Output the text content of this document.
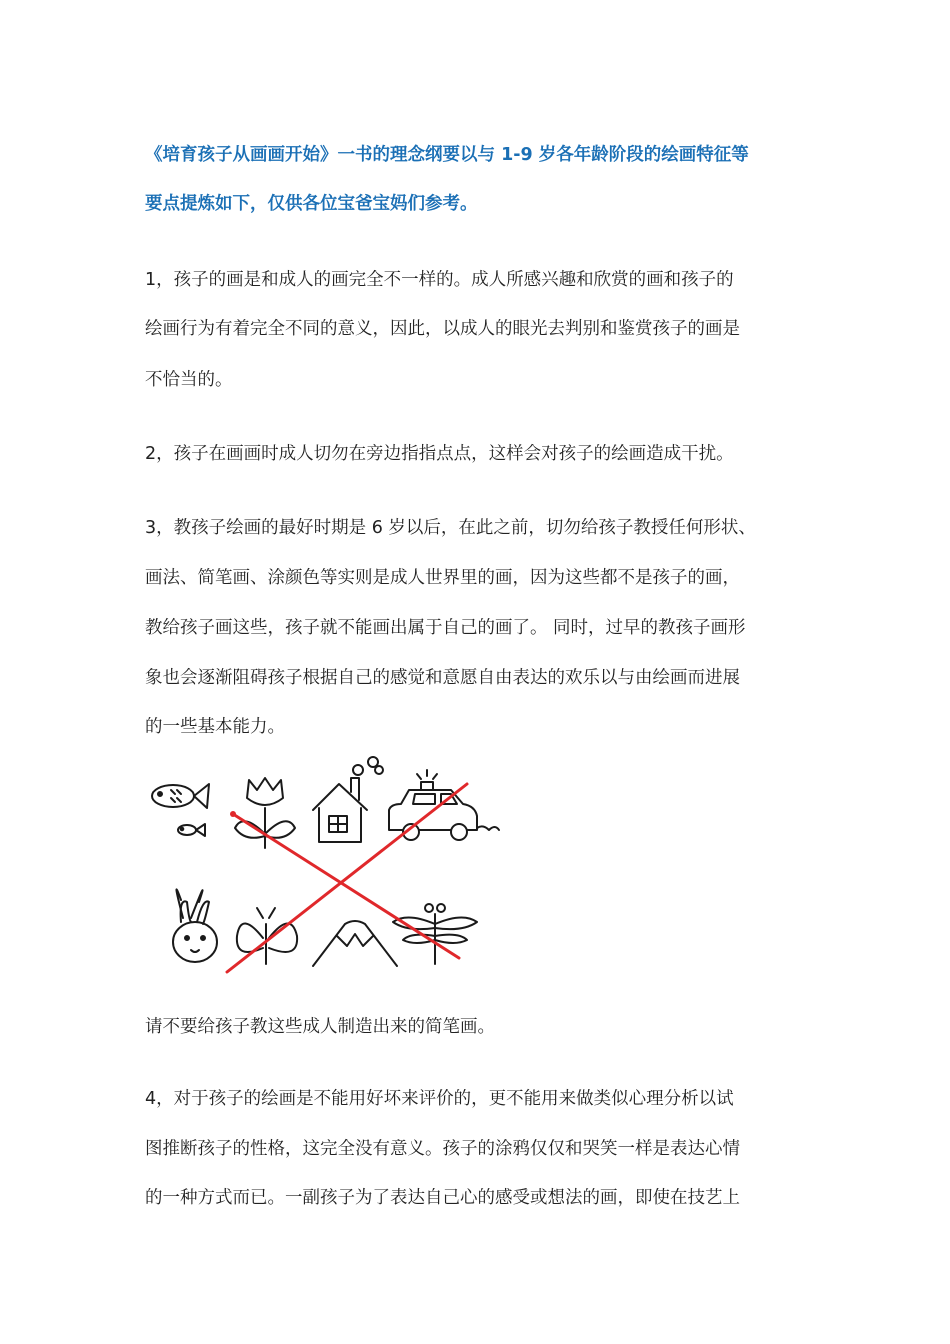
《培育孩子从画画开始》一书的理念纲要以与 1-9 岁各年龄阶段的绘画特征等
要点提炼如下，仅供各位宝爸宝妈们参考。
1，孩子的画是和成人的画完全不一样的。成人所感兴趣和欣赏的画和孩子的
绘画行为有着完全不同的意义，因此，以成人的眼光去判别和鉴赏孩子的画是
不恰当的。
2，孩子在画画时成人切勿在旁边指指点点，这样会对孩子的绘画造成干扰。
3，教孩子绘画的最好时期是 6 岁以后，在此之前，切勿给孩子教授任何形状、
画法、简笔画、涂颜色等实则是成人世界里的画，因为这些都不是孩子的画，
教给孩子画这些，孩子就不能画出属于自己的画了。 同时，过早的教孩子画形
象也会逐渐阻碍孩子根据自己的感觉和意愿自由表达的欢乐以与由绘画而进展
的一些基本能力。
请不要给孩子教这些成人制造出来的简笔画。
4，对于孩子的绘画是不能用好坏来评价的，更不能用来做类似心理分析以试
图推断孩子的性格，这完全没有意义。孩子的涂鸦仅仅和哭笑一样是表达心情
的一种方式而已。一副孩子为了表达自己心的感受或想法的画，即使在技艺上
